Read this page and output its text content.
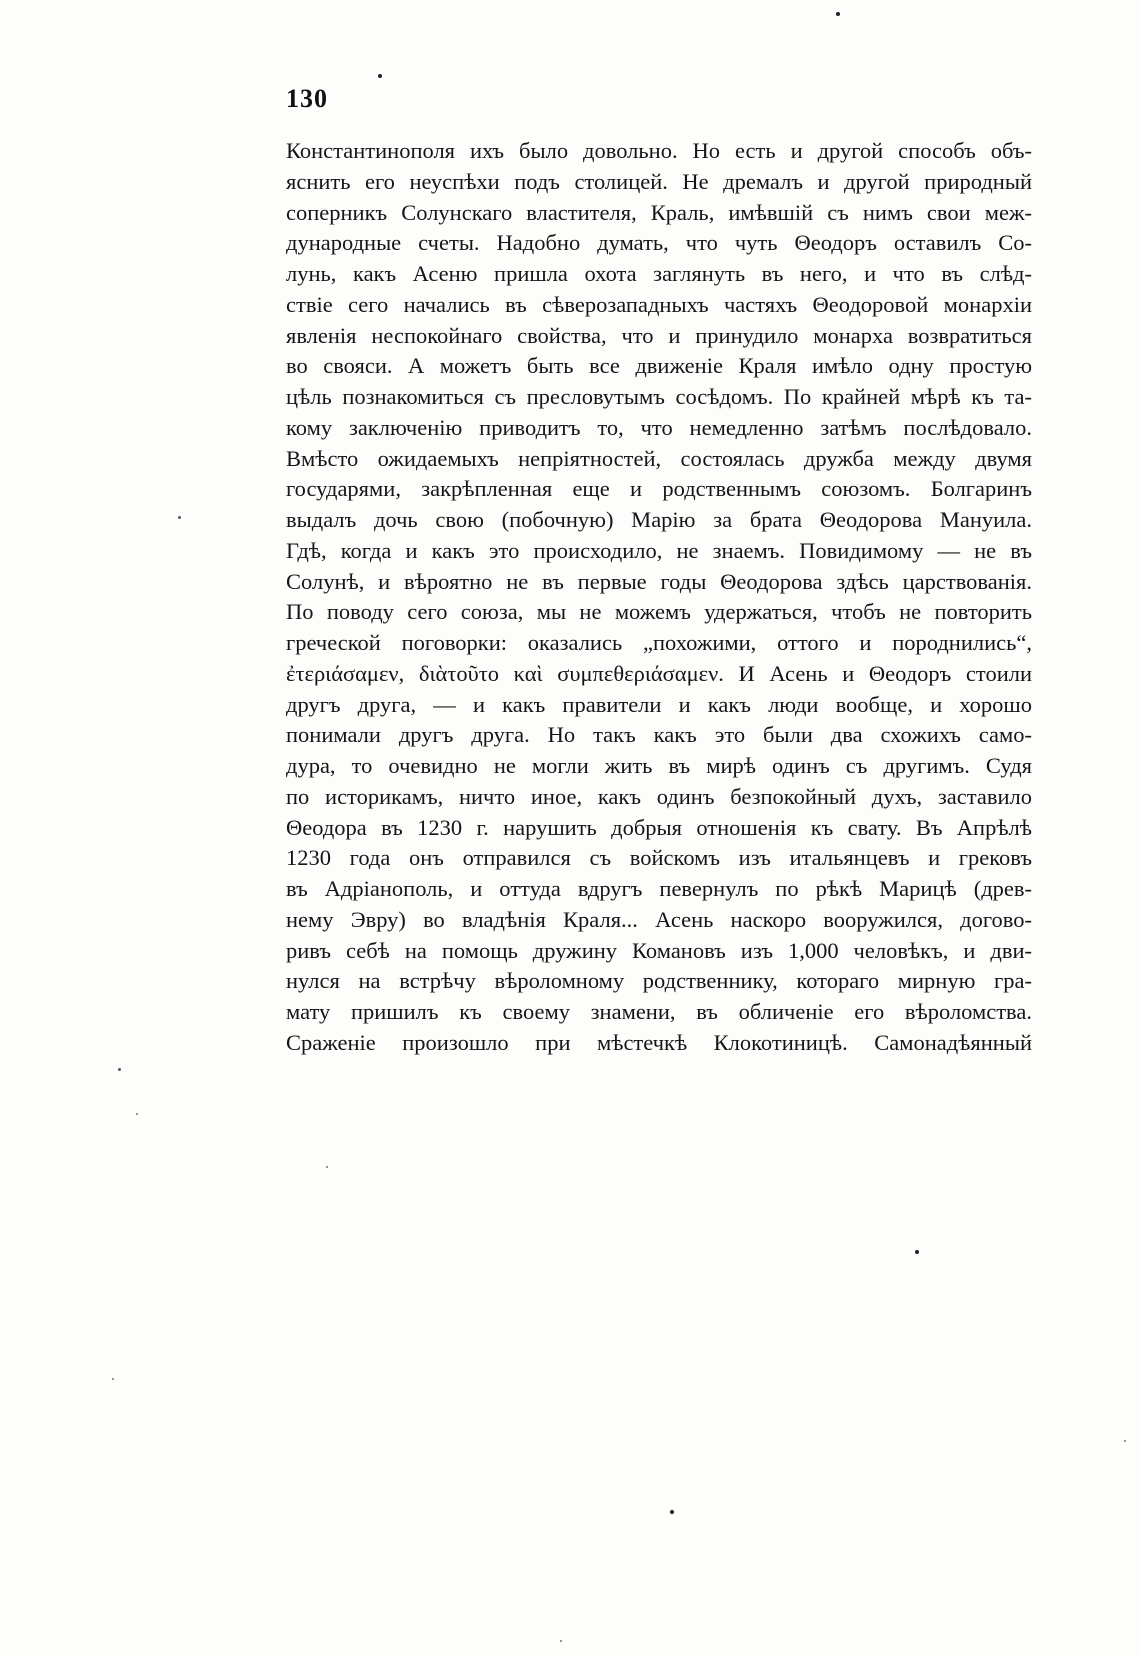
130
Константинополя ихъ было довольно. Но есть и другой способъ объ-
яснить его неуспѣхи подъ столицей. Не дремалъ и другой природный
соперникъ Солунскаго властителя, Краль, имѣвшій съ нимъ свои меж-
дународные счеты. Надобно думать, что чуть Θеодоръ оставилъ Со-
лунь, какъ Асеню пришла охота заглянуть въ него, и что въ слѣд-
ствіе сего начались въ сѣверозападныхъ частяхъ Θеодоровой монархіи
явленія неспокойнаго свойства, что и принудило монарха возвратиться
во свояси. А можетъ быть все движеніе Краля имѣло одну простую
цѣль познакомиться съ пресловутымъ сосѣдомъ. По крайней мѣрѣ къ та-
кому заключенію приводитъ то, что немедленно затѣмъ послѣдовало.
Вмѣсто ожидаемыхъ непріятностей, состоялась дружба между двумя
государями, закрѣпленная еще и родственнымъ союзомъ. Болгаринъ
выдалъ дочь свою (побочную) Марію за брата Θеодорова Мануила.
Гдѣ, когда и какъ это происходило, не знаемъ. Повидимому — не въ
Солунѣ, и вѣроятно не въ первые годы Θеодорова здѣсь царствованія.
По поводу сего союза, мы не можемъ удержаться, чтобъ не повторить
греческой поговорки: оказались „похожими, оттого и породнились“,
ἐτεριάσαμεν, διὰτοῦτο καὶ συμπεθεριάσαμεν. И Асень и Θеодоръ стоили
другъ друга, — и какъ правители и какъ люди вообще, и хорошо
понимали другъ друга. Но такъ какъ это были два схожихъ само-
дура, то очевидно не могли жить въ мирѣ одинъ съ другимъ. Судя
по историкамъ, ничто иное, какъ одинъ безпокойный духъ, заставило
Θеодора въ 1230 г. нарушить добрыя отношенія къ свату. Въ Апрѣлѣ
1230 года онъ отправился съ войскомъ изъ итальянцевъ и грековъ
въ Адріанополь, и оттуда вдругъ певернулъ по рѣкѣ Марицѣ (древ-
нему Эвру) во владѣнія Краля... Асень наскоро вооружился, догово-
ривъ себѣ на помощь дружину Комановъ изъ 1,000 человѣкъ, и дви-
нулся на встрѣчу вѣроломному родственнику, котораго мирную гра-
мату пришилъ къ своему знамени, въ обличеніе его вѣроломства.
Сраженіе произошло при мѣстечкѣ Клокотиницѣ. Самонадѣянный
